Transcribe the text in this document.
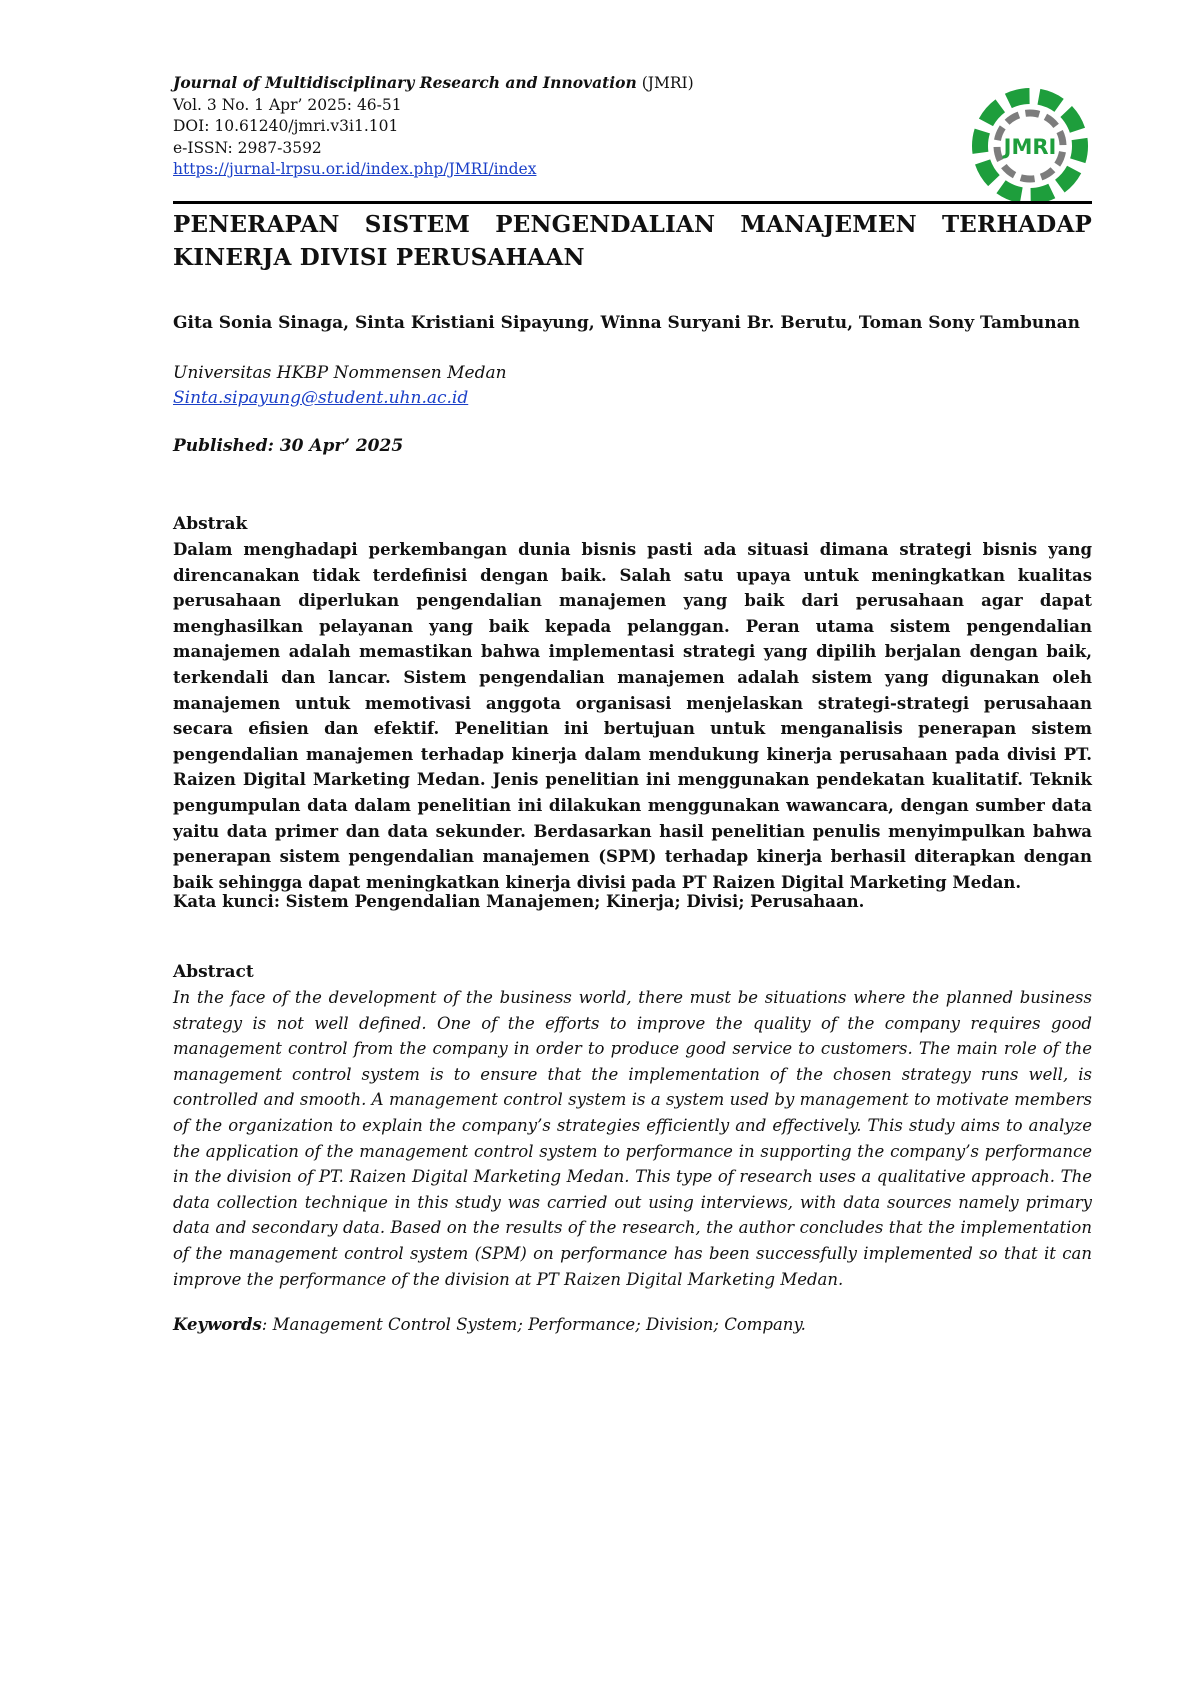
Journal of Multidisciplinary Research and Innovation (JMRI)
Vol. 3 No. 1 Apr’ 2025: 46-51
DOI: 10.61240/jmri.v3i1.101
e-ISSN: 2987-3592
https://jurnal-lrpsu.or.id/index.php/JMRI/index
JMRI
PENERAPAN SISTEM PENGENDALIAN MANAJEMEN TERHADAP KINERJA DIVISI PERUSAHAAN
Gita Sonia Sinaga, Sinta Kristiani Sipayung, Winna Suryani Br. Berutu, Toman Sony Tambunan
Universitas HKBP Nommensen Medan
Sinta.sipayung@student.uhn.ac.id
Published: 30 Apr’ 2025
Abstrak

Dalam menghadapi perkembangan dunia bisnis pasti ada situasi dimana strategi bisnis yang direncanakan tidak terdefinisi dengan baik. Salah satu upaya untuk meningkatkan kualitas perusahaan diperlukan pengendalian manajemen yang baik dari perusahaan agar dapat menghasilkan pelayanan yang baik kepada pelanggan. Peran utama sistem pengendalian manajemen adalah memastikan bahwa implementasi strategi yang dipilih berjalan dengan baik, terkendali dan lancar. Sistem pengendalian manajemen adalah sistem yang digunakan oleh manajemen untuk memotivasi anggota organisasi menjelaskan strategi-strategi perusahaan secara efisien dan efektif. Penelitian ini bertujuan untuk menganalisis penerapan sistem pengendalian manajemen terhadap kinerja dalam mendukung kinerja perusahaan pada divisi PT. Raizen Digital Marketing Medan. Jenis penelitian ini menggunakan pendekatan kualitatif. Teknik pengumpulan data dalam penelitian ini dilakukan menggunakan wawancara, dengan sumber data yaitu data primer dan data sekunder. Berdasarkan hasil penelitian penulis menyimpulkan bahwa penerapan sistem pengendalian manajemen (SPM) terhadap kinerja berhasil diterapkan dengan baik sehingga dapat meningkatkan kinerja divisi pada PT Raizen Digital Marketing Medan.

Kata kunci: Sistem Pengendalian Manajemen; Kinerja; Divisi; Perusahaan.
Abstract

In the face of the development of the business world, there must be situations where the planned business strategy is not well defined. One of the efforts to improve the quality of the company requires good management control from the company in order to produce good service to customers. The main role of the management control system is to ensure that the implementation of the chosen strategy runs well, is controlled and smooth. A management control system is a system used by management to motivate members of the organization to explain the company’s strategies efficiently and effectively. This study aims to analyze the application of the management control system to performance in supporting the company’s performance in the division of PT. Raizen Digital Marketing Medan. This type of research uses a qualitative approach. The data collection technique in this study was carried out using interviews, with data sources namely primary data and secondary data. Based on the results of the research, the author concludes that the implementation of the management control system (SPM) on performance has been successfully implemented so that it can improve the performance of the division at PT Raizen Digital Marketing Medan.

Keywords: Management Control System; Performance; Division; Company.
